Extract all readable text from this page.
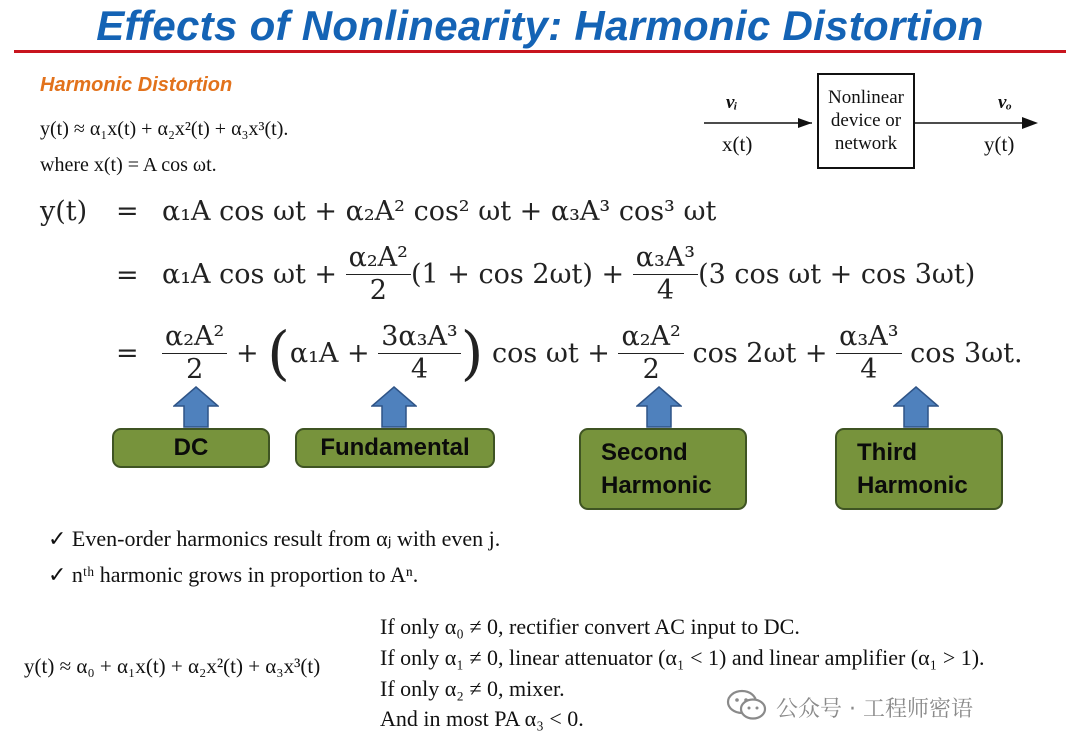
Effects of Nonlinearity: Harmonic Distortion
Harmonic Distortion
y(t) ≈ α₁x(t) + α₂x²(t) + α₃x³(t).
where x(t) = A cos ωt.
vᵢ
x(t)
Nonlinear
device or
network
vₒ
y(t)
y(t) = α₁A cos ωt + α₂A² cos² ωt + α₃A³ cos³ ωt
= α₁A cos ωt +
$\frac{\text{α₂A²}}{2} (1 + \cos 2\omega t)$ +
$\frac{\text{α₃A³}}{4} (3$ cos ωt + cos 3ωt)
= $\frac{\text{α₂A²}}{2}$
+
( α₁A +
$\frac{\text{3α₃A³}}{4}$ )
cos ωt +
$\frac{\text{α₂A²}}{2}$
cos 2ωt +
$\frac{\text{α₃A³}}{4}$
cos 3ωt.
DC	Fundamental	Second
Harmonic
Third
Harmonic
✓ Even-order harmonics result from αⱼ with even j.
✓ nᵗʰ harmonic grows in proportion to Aⁿ.
y(t) ≈ α₀ + α₁x(t) + α₂x²(t) + α₃x³(t)
If only α₀ ≠ 0, rectifier convert AC input to DC.
If only α₁ ≠ 0, linear attenuator (α₁ < 1) and linear amplifier (α₁ > 1).
If only α₂ ≠ 0, mixer.
And in most PA α₃ < 0.	公众号 · 工程师密语
